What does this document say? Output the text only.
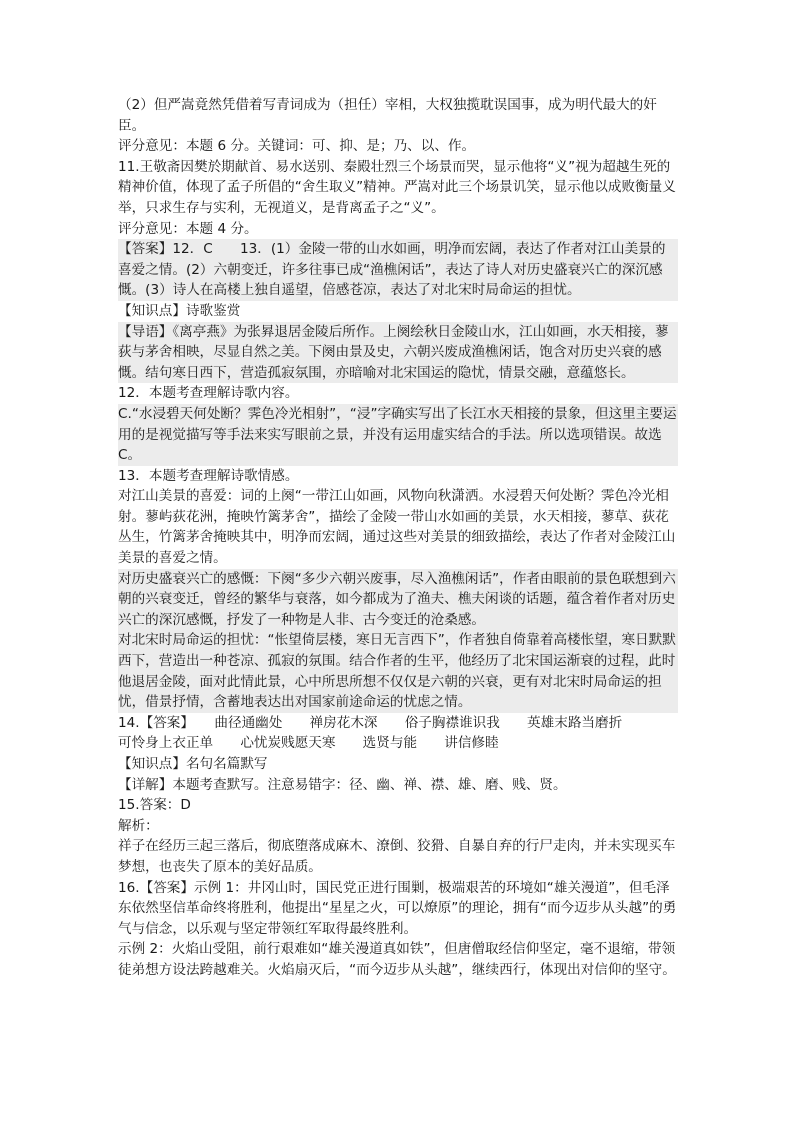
（2）但严嵩竟然凭借着写青词成为（担任）宰相，大权独揽耽误国事，成为明代最大的奸臣。

评分意见：本题 6 分。关键词：可、抑、是；乃、以、作。

11.王敬斋因樊於期献首、易水送别、秦殿壮烈三个场景而哭，显示他将“义”视为超越生死的精神价值，体现了孟子所倡的“舍生取义”精神。严嵩对此三个场景讥笑，显示他以成败衡量义举，只求生存与实利，无视道义，是背离孟子之“义”。

评分意见：本题 4 分。

【答案】12．C　　13．(1）金陵一带的山水如画，明净而宏阔，表达了作者对江山美景的喜爱之情。(2）六朝变迁，许多往事已成“渔樵闲话”，表达了诗人对历史盛衰兴亡的深沉感慨。(3）诗人在高楼上独自遥望，倍感苍凉，表达了对北宋时局命运的担忧。

【知识点】诗歌鉴赏

【导语】《离亭燕》为张昪退居金陵后所作。上阕绘秋日金陵山水，江山如画，水天相接，蓼荻与茅舍相映，尽显自然之美。下阕由景及史，六朝兴废成渔樵闲话，饱含对历史兴衰的感慨。结句寒日西下，营造孤寂氛围，亦暗喻对北宋国运的隐忧，情景交融，意蕴悠长。

12．本题考查理解诗歌内容。

C.“水浸碧天何处断？霁色冷光相射”，“浸”字确实写出了长江水天相接的景象，但这里主要运用的是视觉描写等手法来实写眼前之景，并没有运用虚实结合的手法。所以选项错误。故选 C。

13．本题考查理解诗歌情感。

对江山美景的喜爱：词的上阕“一带江山如画，风物向秋潇洒。水浸碧天何处断？霁色冷光相射。蓼屿荻花洲，掩映竹篱茅舍”，描绘了金陵一带山水如画的美景，水天相接，蓼草、荻花丛生，竹篱茅舍掩映其中，明净而宏阔，通过这些对美景的细致描绘，表达了作者对金陵江山美景的喜爱之情。

对历史盛衰兴亡的感慨：下阕“多少六朝兴废事，尽入渔樵闲话”，作者由眼前的景色联想到六朝的兴衰变迁，曾经的繁华与衰落，如今都成为了渔夫、樵夫闲谈的话题，蕴含着作者对历史兴亡的深沉感慨，抒发了一种物是人非、古今变迁的沧桑感。

对北宋时局命运的担忧：“怅望倚层楼，寒日无言西下”，作者独自倚靠着高楼怅望，寒日默默西下，营造出一种苍凉、孤寂的氛围。结合作者的生平，他经历了北宋国运渐衰的过程，此时他退居金陵，面对此情此景，心中所思所想不仅仅是六朝的兴衰，更有对北宋时局命运的担忧，借景抒情，含蓄地表达出对国家前途命运的忧虑之情。

14.【答案】　　曲径通幽处　　禅房花木深　　俗子胸襟谁识我　　英雄末路当磨折

可怜身上衣正单　　心忧炭贱愿天寒　　选贤与能　　讲信修睦

【知识点】名句名篇默写

【详解】本题考查默写。注意易错字：径、幽、禅、襟、雄、磨、贱、贤。

15.答案：D

解析：

祥子在经历三起三落后，彻底堕落成麻木、潦倒、狡猾、自暴自弃的行尸走肉，并未实现买车梦想，也丧失了原本的美好品质。

16.【答案】示例 1：井冈山时，国民党正进行围剿，极端艰苦的环境如“雄关漫道”，但毛泽东依然坚信革命终将胜利，他提出“星星之火，可以燎原”的理论，拥有“而今迈步从头越”的勇气与信念，以乐观与坚定带领红军取得最终胜利。

示例 2：火焰山受阻，前行艰难如“雄关漫道真如铁”，但唐僧取经信仰坚定，毫不退缩，带领徒弟想方设法跨越难关。火焰扇灭后，“而今迈步从头越”，继续西行，体现出对信仰的坚守。
